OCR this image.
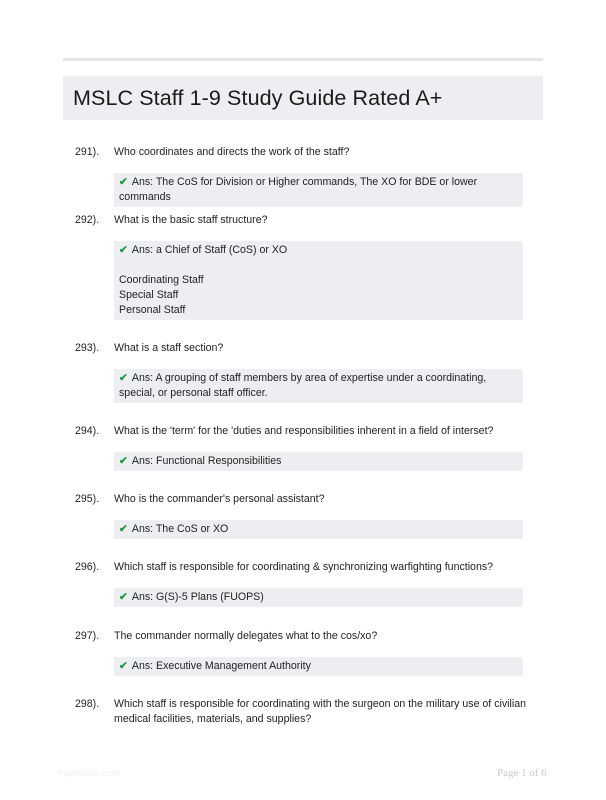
MSLC Staff 1-9 Study Guide Rated A+
291).	Who coordinates and directs the work of the staff?
✔ Ans: The CoS for Division or Higher commands, The XO for BDE or lower commands
292).	What is the basic staff structure?
✔ Ans: a Chief of Staff (CoS) or XO
Coordinating Staff
Special Staff
Personal Staff
293).	What is a staff section?
✔ Ans: A grouping of staff members by area of expertise under a coordinating, special, or personal staff officer.
294).	What is the 'term' for the 'duties and responsibilities inherent in a field of interset?
✔ Ans: Functional Responsibilities
295).	Who is the commander's personal assistant?
✔ Ans: The CoS or XO
296).	Which staff is responsible for coordinating & synchronizing warfighting functions?
✔ Ans: G(S)-5 Plans (FUOPS)
297).	The commander normally delegates what to the cos/xo?
✔ Ans: Executive Management Authority
298).	Which staff is responsible for coordinating with the surgeon on the military use of civilian medical facilities, materials, and supplies?
PaperStuc.com	Page 1 of 6
